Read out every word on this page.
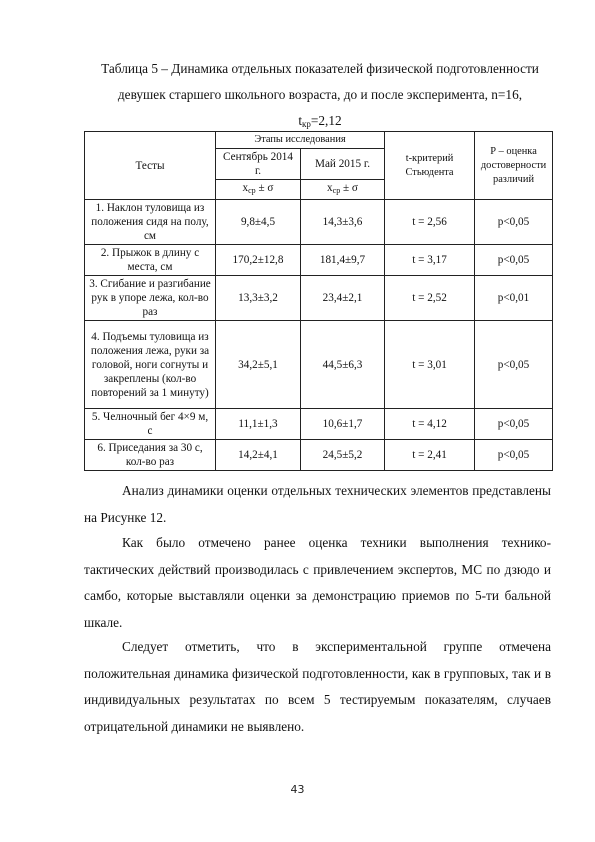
Таблица 5 – Динамика отдельных показателей физической подготовленности
девушек старшего школьного возраста, до и после эксперимента, n=16,
$t_{кр}=2,12$
Тесты	Этапы исследования		t-критерий Стьюдента	Р – оценка достоверности различий
	Сентябрь 2014 г.	Май 2015 г.		
	$x_{ср} \pm \sigma$	$x_{ср} \pm \sigma$		
1. Наклон туловища из положения сидя на полу, см	9,8±4,5	14,3±3,6	t = 2,56	p<0,05
2. Прыжок в длину с места, см	170,2±12,8	181,4±9,7	t = 3,17	p<0,05
3. Сгибание и разгибание рук в упоре лежа, кол-во раз	13,3±3,2	23,4±2,1	t = 2,52	p<0,01
4. Подъемы туловища из положения лежа, руки за головой, ноги согнуты и закреплены (кол-во повторений за 1 минуту)	34,2±5,1	44,5±6,3	t = 3,01	p<0,05
5. Челночный бег 4×9 м, с	11,1±1,3	10,6±1,7	t = 4,12	p<0,05
6. Приседания за 30 с, кол-во раз	14,2±4,1	24,5±5,2	t = 2,41	p<0,05

Анализ динамики оценки отдельных технических элементов представлены на Рисунке 12.

Как было отмечено ранее оценка техники выполнения технико-тактических действий производилась с привлечением экспертов, МС по дзюдо и самбо, которые выставляли оценки за демонстрацию приемов по 5-ти бальной шкале.

Следует отметить, что в экспериментальной группе отмечена положительная динамика физической подготовленности, как в групповых, так и в индивидуальных результатах по всем 5 тестируемым показателям, случаев отрицательной динамики не выявлено.

43
